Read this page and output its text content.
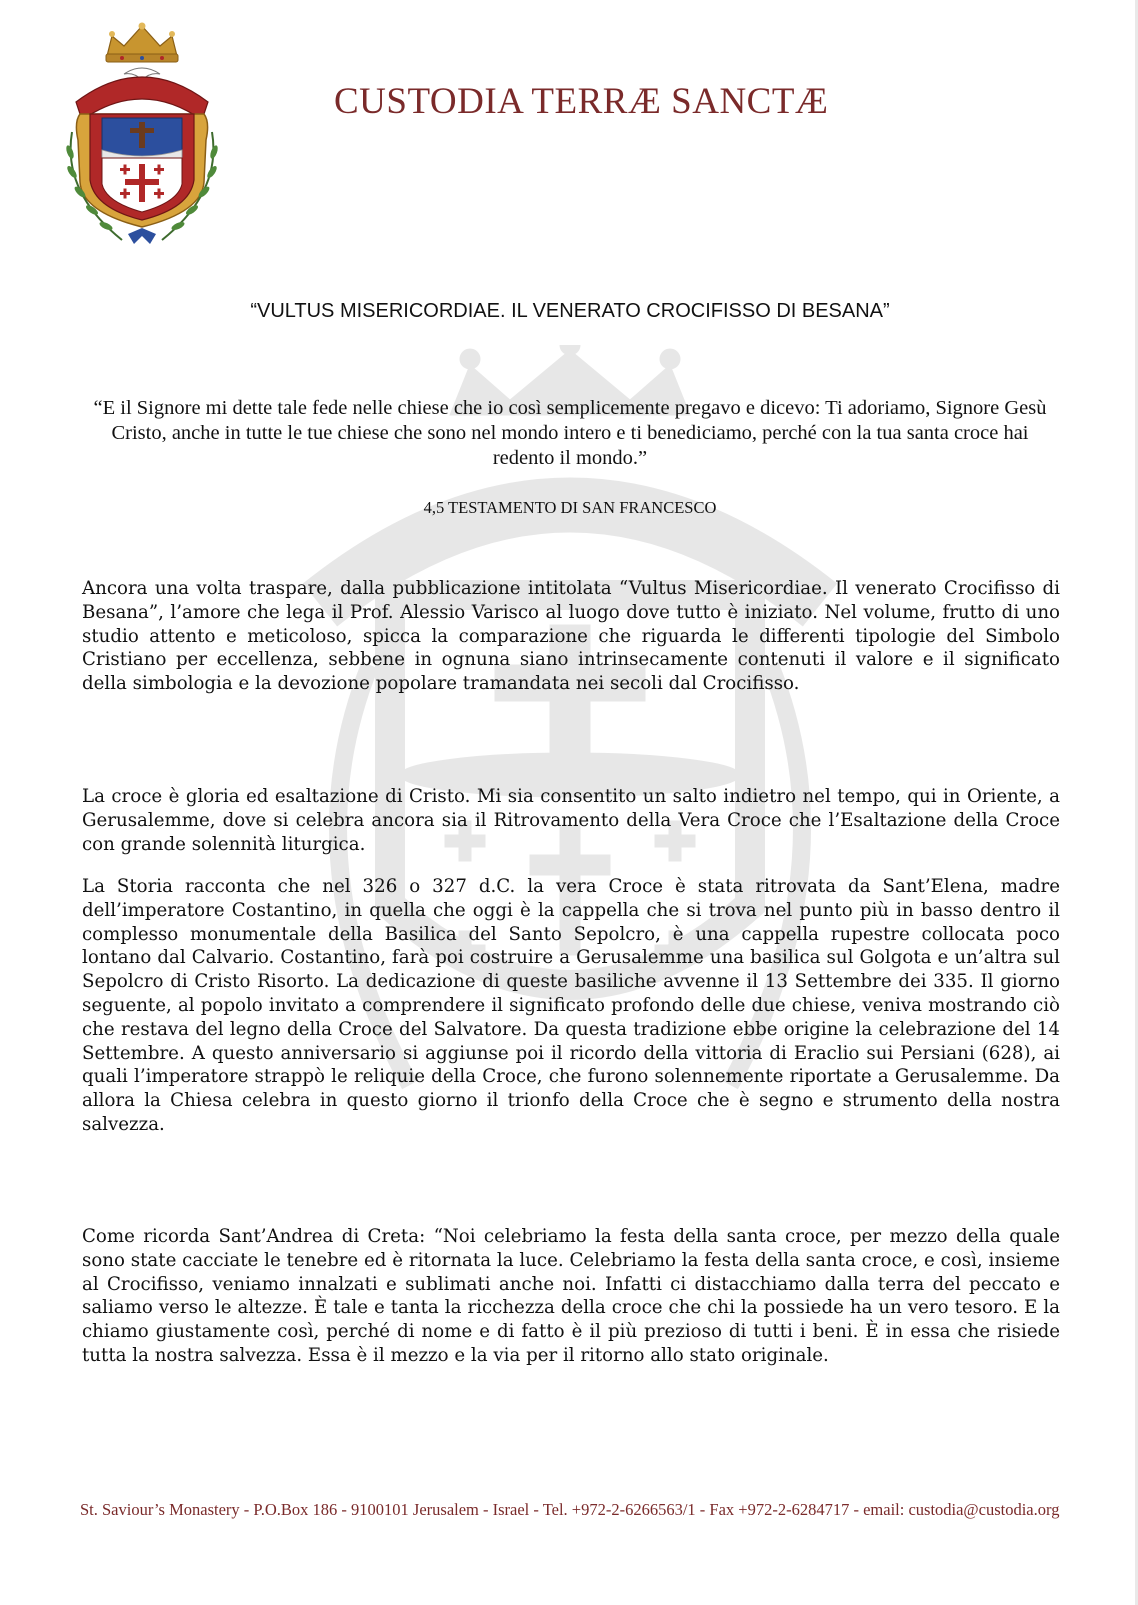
CUSTODIA TERRÆ SANCTÆ
“VULTUS MISERICORDIAE. IL VENERATO CROCIFISSO DI BESANA”
“E il Signore mi dette tale fede nelle chiese che io così semplicemente pregavo e dicevo: Ti adoriamo, Signore Gesù Cristo, anche in tutte le tue chiese che sono nel mondo intero e ti benediciamo, perché con la tua santa croce hai redento il mondo.”
4,5 TESTAMENTO DI SAN FRANCESCO

Ancora una volta traspare, dalla pubblicazione intitolata “Vultus Misericordiae. Il venerato Crocifisso di Besana”, l’amore che lega il Prof. Alessio Varisco al luogo dove tutto è iniziato. Nel volume, frutto di uno studio attento e meticoloso, spicca la comparazione che riguarda le differenti tipologie del Simbolo Cristiano per eccellenza, sebbene in ognuna siano intrinsecamente contenuti il valore e il significato della simbologia e la devozione popolare tramandata nei secoli dal Crocifisso.

La croce è gloria ed esaltazione di Cristo. Mi sia consentito un salto indietro nel tempo, qui in Oriente, a Gerusalemme, dove si celebra ancora sia il Ritrovamento della Vera Croce che l’Esaltazione della Croce con grande solennità liturgica.

La Storia racconta che nel 326 o 327 d.C. la vera Croce è stata ritrovata da Sant’Elena, madre dell’imperatore Costantino, in quella che oggi è la cappella che si trova nel punto più in basso dentro il complesso monumentale della Basilica del Santo Sepolcro, è una cappella rupestre collocata poco lontano dal Calvario. Costantino, farà poi costruire a Gerusalemme una basilica sul Golgota e un’altra sul Sepolcro di Cristo Risorto. La dedicazione di queste basiliche avvenne il 13 Settembre dei 335. Il giorno seguente, al popolo invitato a comprendere il significato profondo delle due chiese, veniva mostrando ciò che restava del legno della Croce del Salvatore. Da questa tradizione ebbe origine la celebrazione del 14 Settembre. A questo anniversario si aggiunse poi il ricordo della vittoria di Eraclio sui Persiani (628), ai quali l’imperatore strappò le reliquie della Croce, che furono solennemente riportate a Gerusalemme. Da allora la Chiesa celebra in questo giorno il trionfo della Croce che è segno e strumento della nostra salvezza.

Come ricorda Sant’Andrea di Creta: “Noi celebriamo la festa della santa croce, per mezzo della quale sono state cacciate le tenebre ed è ritornata la luce. Celebriamo la festa della santa croce, e così, insieme al Crocifisso, veniamo innalzati e sublimati anche noi. Infatti ci distacchiamo dalla terra del peccato e saliamo verso le altezze. È tale e tanta la ricchezza della croce che chi la possiede ha un vero tesoro. E la chiamo giustamente così, perché di nome e di fatto è il più prezioso di tutti i beni. È in essa che risiede tutta la nostra salvezza. Essa è il mezzo e la via per il ritorno allo stato originale.

St. Saviour’s Monastery - P.O.Box 186 - 9100101 Jerusalem - Israel - Tel. +972-2-6266563/1 - Fax +972-2-6284717 - email: custodia@custodia.org
